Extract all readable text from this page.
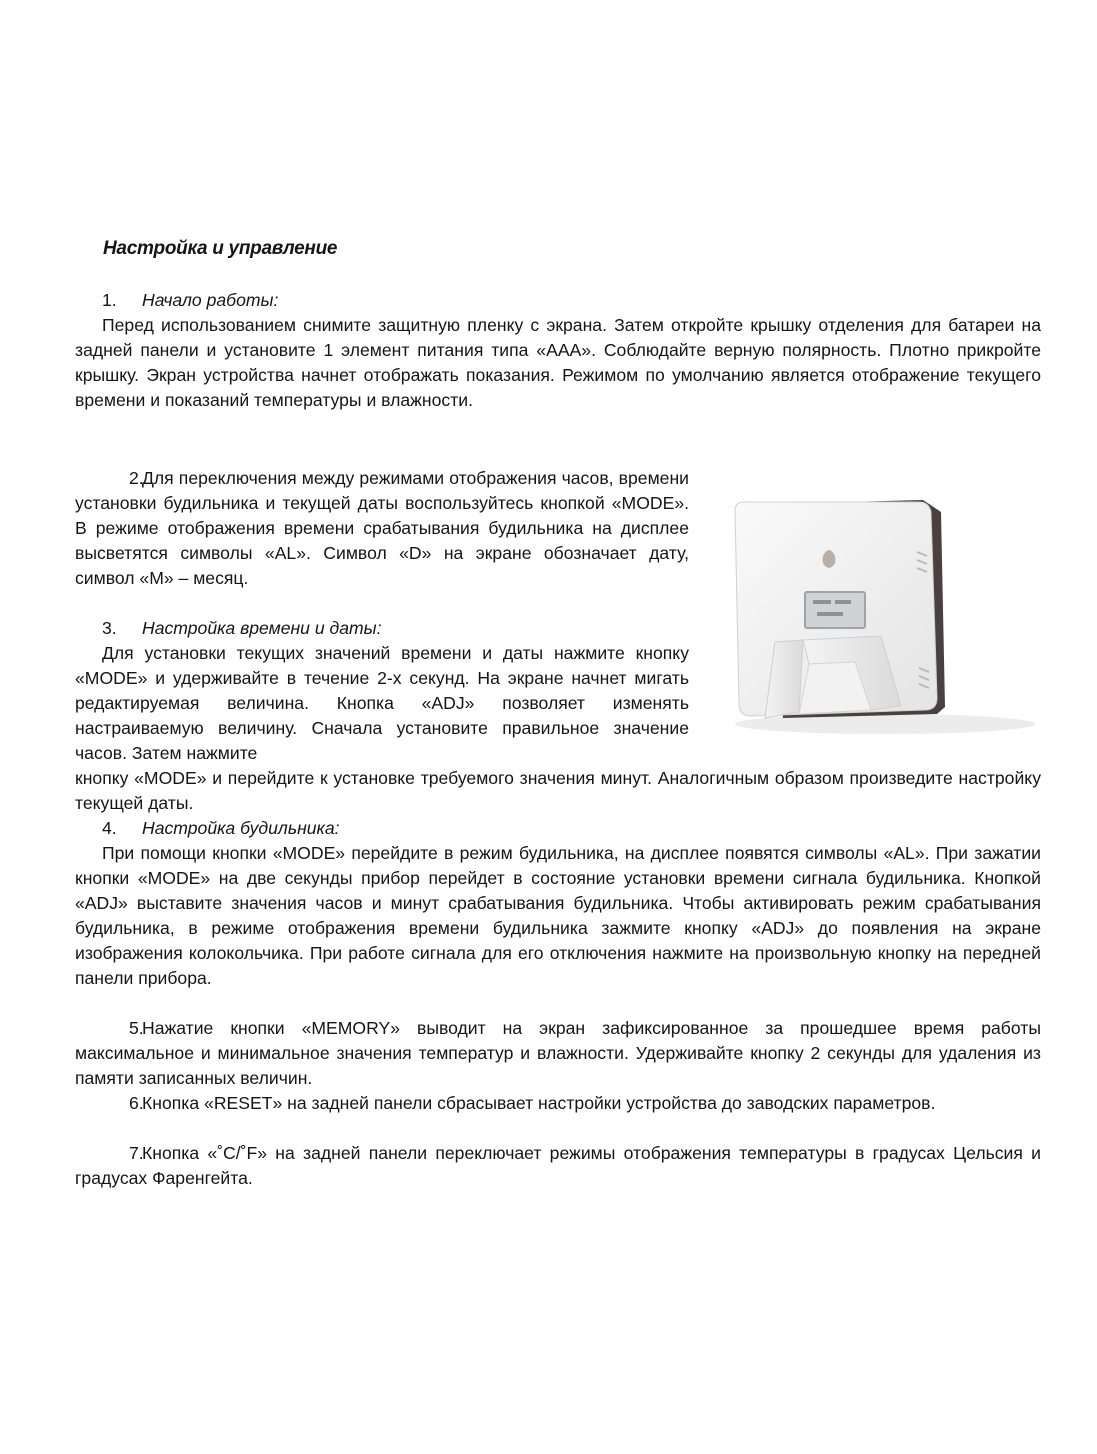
Настройка и управление
1. Начало работы:

Перед использованием снимите защитную пленку с экрана. Затем откройте крышку отделения для батареи на задней панели и установите 1 элемент питания типа «AAA». Соблюдайте верную полярность. Плотно прикройте крышку. Экран устройства начнет отображать показания. Режимом по умолчанию является отображение текущего времени и показаний температуры и влажности.

2.Для переключения между режимами отображения часов, времени установки будильника и текущей даты воспользуйтесь кнопкой «MODE». В режиме отображения времени срабатывания будильника на дисплее высветятся символы «AL». Символ «D» на экране обозначает дату, символ «M» – месяц.

3. Настройка времени и даты:

Для установки текущих значений времени и даты нажмите кнопку «MODE» и удерживайте в течение 2-х секунд. На экране начнет мигать редактируемая величина. Кнопка «ADJ» позволяет изменять настраиваемую величину. Сначала установите правильное значение часов. Затем нажмите

кнопку «MODE» и перейдите к установке требуемого значения минут. Аналогичным образом произведите настройку текущей даты.

4. Настройка будильника:

При помощи кнопки «MODE» перейдите в режим будильника, на дисплее появятся символы «AL». При зажатии кнопки «MODE» на две секунды прибор перейдет в состояние установки времени сигнала будильника. Кнопкой «ADJ» выставите значения часов и минут срабатывания будильника. Чтобы активировать режим срабатывания будильника, в режиме отображения времени будильника зажмите кнопку «ADJ» до появления на экране изображения колокольчика. При работе сигнала для его отключения нажмите на произвольную кнопку на передней панели прибора.

5.Нажатие кнопки «MEMORY» выводит на экран зафиксированное за прошедшее время работы максимальное и минимальное значения температур и влажности. Удерживайте кнопку 2 секунды для удаления из памяти записанных величин.

6.Кнопка «RESET» на задней панели сбрасывает настройки устройства до заводских параметров.

7.Кнопка «˚C/˚F» на задней панели переключает режимы отображения температуры в градусах Цельсия и градусах Фаренгейта.
